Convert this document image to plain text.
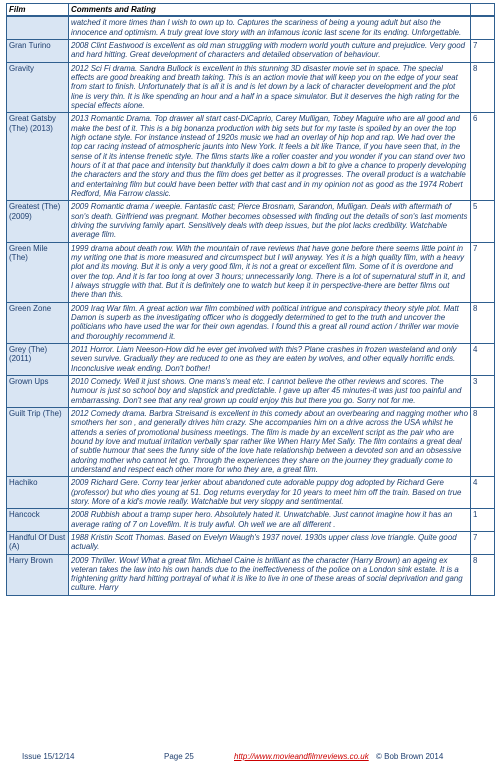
Film	Comments and Rating	
	watched it more times than I wish to own up to. Captures the scariness of being a young adult but also the innocence and optimism. A truly great love story with an infamous iconic last scene for its ending. Unforgettable.	
Gran Turino	2008 Clint Eastwood is excellent as old man struggling with modern world youth culture and prejudice. Very good and hard hitting. Great development of characters and detailed observation of behaviour.	7
Gravity	2012 Sci Fi drama. Sandra Bullock is excellent in this stunning 3D disaster movie set in space. The special effects are good breaking and breath taking. This is an action movie that will keep you on the edge of your seat from start to finish. Unfortunately that is all it is and is let down by a lack of character development and the plot line is very thin. It is like spending an hour and a half in a space simulator. But it deserves the high rating for the special effects alone.	8
Great Gatsby (The) (2013)	2013 Romantic Drama. Top drawer all start cast-DiCaprio, Carey Mulligan, Tobey Maguire who are all good and make the best of it. This is a big bonanza production with big sets but for my taste is spoiled by an over the top high octane style. For instance instead of 1920s music we had an overlay of hip hop and rap. We had over the top car racing instead of atmospheric jaunts into New York. It feels a bit like Trance, if you have seen that, in the sense of it its intense frenetic style. The films starts like a roller coaster and you wonder if you can stand over two hours of it at that pace and intensity but thankfully it does calm down a bit to give a chance to properly developing the characters and the story and thus the film does get better as it progresses. The overall product is a watchable and entertaining film but could have been better with that cast and in my opinion not as good as the 1974 Robert Redford, Mia Farrow classic.	6
Greatest (The) (2009)	2009 Romantic drama / weepie. Fantastic cast; Pierce Brosnam, Sarandon, Mulligan. Deals with aftermath of son's death. Girlfriend was pregnant. Mother becomes obsessed with finding out the details of son's last moments driving the surviving family apart. Sensitively deals with deep issues, but the plot lacks credibility. Watchable average film.	5
Green Mile (The)	1999 drama about death row. With the mountain of rave reviews that have gone before there seems little point in my writing one that is more measured and circumspect but I will anyway. Yes it is a high quality film, with a heavy plot and its moving. But it is only a very good film, it is not a great or excellent film. Some of it is overdone and over the top. And it is far too long at over 3 hours; unnecessarily long. There is a lot of supernatural stuff in it, and I always struggle with that. But it is definitely one to watch but keep it in perspective-there are better films out there than this.	7
Green Zone	2009 Iraq War film. A great action war film combined with political intrigue and conspiracy theory style plot. Matt Damon is superb as the investigating officer who is doggedly determined to get to the truth and uncover the politicians who have used the war for their own agendas. I found this a great all round action / thriller war movie and thoroughly recommend it.	8
Grey (The) (2011)	2011 Horror. Liam Neeson-How did he ever get involved with this? Plane crashes in frozen wasteland and only seven survive. Gradually they are reduced to one as they are eaten by wolves, and other equally horrific ends. Inconclusive weak ending. Don't bother!	4
Grown Ups	2010 Comedy. Well it just shows. One mans's meat etc. I cannot believe the other reviews and scores. The humour is just so school boy and slapstick and predictable. I gave up after 45 minutes-it was just too painful and embarrassing. Don't see that any real grown up could enjoy this but there you go. Sorry not for me.	3
Guilt Trip (The)	2012 Comedy drama. Barbra Streisand is excellent in this comedy about an overbearing and nagging mother who smothers her son , and generally drives him crazy. She accompanies him on a drive across the USA whilst he attends a series of promotional business meetings. The film is made by an excellent script as the pair who are bound by love and mutual irritation verbally spar rather like When Harry Met Sally. The film contains a great deal of subtle humour that sees the funny side of the love hate relationship between a devoted son and an obsessive adoring mother who cannot let go. Through the experiences they share on the journey they gradually come to understand and respect each other more for who they are, a great film.	8
Hachiko	2009 Richard Gere. Corny tear jerker about abandoned cute adorable puppy dog adopted by Richard Gere (professor) but who dies young at 51. Dog returns everyday for 10 years to meet him off the train. Based on true story. More of a kid's movie really. Watchable but very sloppy and sentimental.	4
Hancock	2008 Rubbish about a tramp super hero. Absolutely hated it. Unwatchable. Just cannot imagine how it has an average rating of 7 on Lovefilm. It is truly awful. Oh well we are all different .	1
Handful Of Dust (A)	1988 Kristin Scott Thomas. Based on Evelyn Waugh's 1937 novel. 1930s upper class love triangle. Quite good actually.	7
Harry Brown	2009 Thriller. Wow! What a great film. Michael Caine is brilliant as the character (Harry Brown) an ageing ex veteran takes the law into his own hands due to the ineffectiveness of the police on a London sink estate. It is a frightening gritty hard hitting portrayal of what it is like to live in one of these areas of social deprivation and gang culture. Harry	8
Issue 15/12/14	Page 25	http://www.movieandfilmreviews.co.uk © Bob Brown 2014
